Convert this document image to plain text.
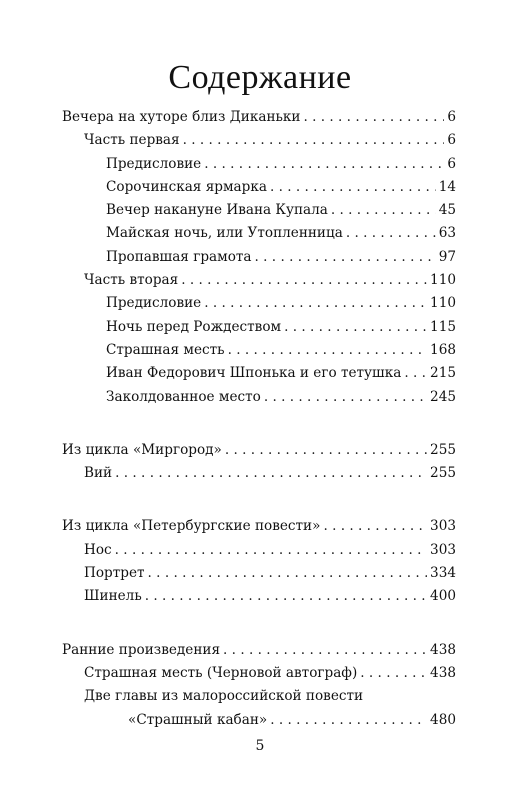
Содержание
Вечера на хуторе близ Диканьки . . .	6
Часть первая . . .	6
Предисловие . . .	6
Сорочинская ярмарка . . .	14
Вечер накануне Ивана Купала . . .	45
Майская ночь, или Утопленница . . .	63
Пропавшая грамота . . .	97
Часть вторая . . .	110
Предисловие . . .	110
Ночь перед Рождеством . . .	115
Страшная месть . . .	168
Иван Федорович Шпонька и его тетушка . . . 215
Заколдованное место . . .	245
Из цикла «Миргород» . . .	255
Вий . . .	255
Из цикла «Петербургские повести» . . .	303
Нос . . .	303
Портрет . . .	334
Шинель . . .	400
Ранние произведения . . .	438
Страшная месть (Черновой автограф) . . .	438
Две главы из малороссийской повести
«Страшный кабан» . . .	480
5
